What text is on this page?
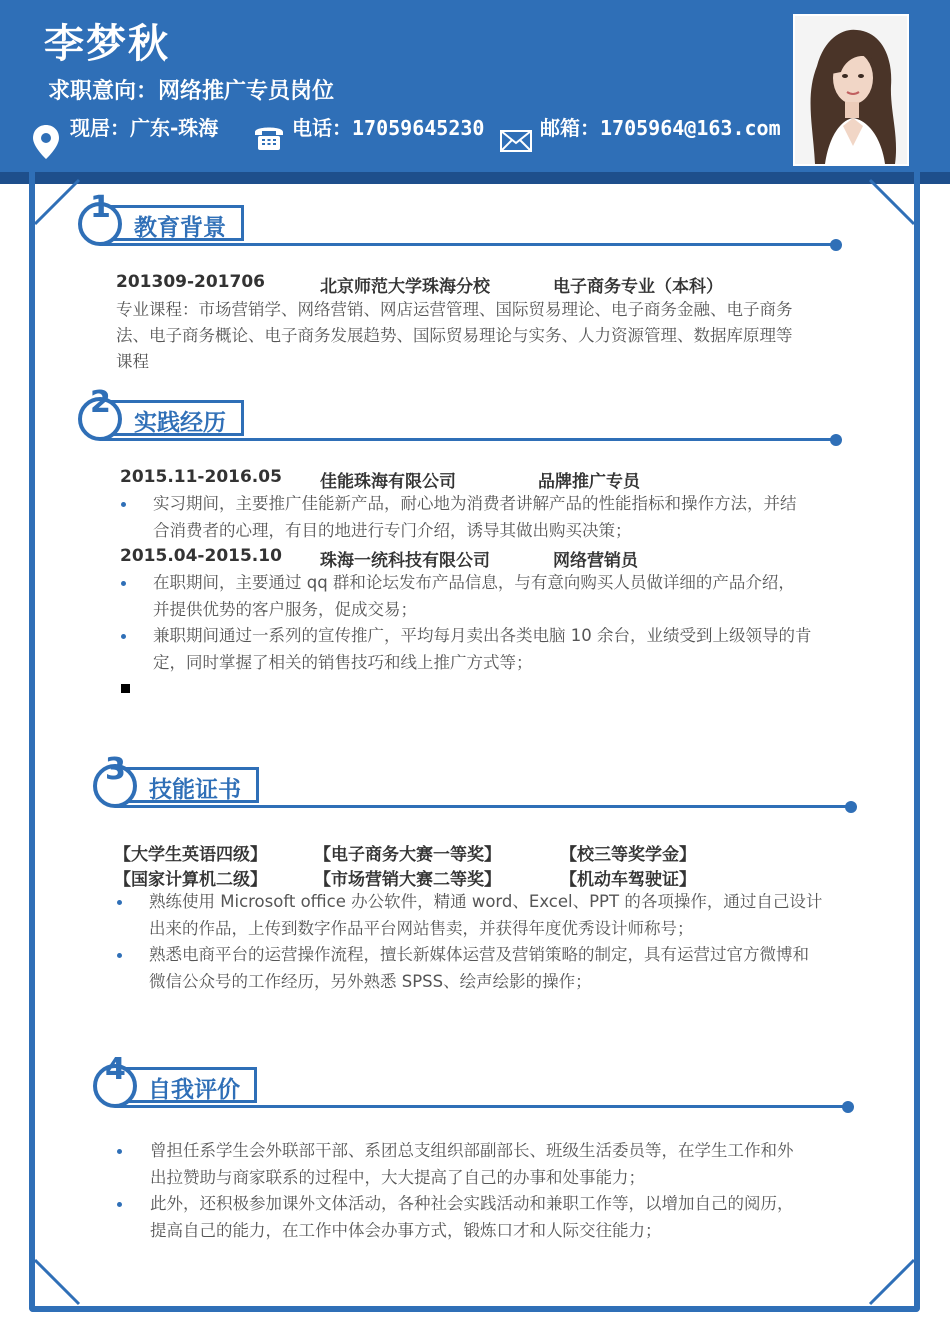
李梦秋
求职意向：网络推广专员岗位
现居：广东-珠海	电话：17059645230	邮箱：1705964@163.com
1
教育背景
201309-201706	北京师范大学珠海分校	电子商务专业（本科）
专业课程：市场营销学、网络营销、网店运营管理、国际贸易理论、电子商务金融、电子商务
法、电子商务概论、电子商务发展趋势、国际贸易理论与实务、人力资源管理、数据库原理等
课程
2
实践经历
2015.11-2016.05 佳能珠海有限公司	品牌推广专员
实习期间，主要推广佳能新产品，耐心地为消费者讲解产品的性能指标和操作方法，并结
合消费者的心理，有目的地进行专门介绍，诱导其做出购买决策；
2015.04-2015.10 珠海一统科技有限公司	网络营销员
在职期间，主要通过 qq 群和论坛发布产品信息，与有意向购买人员做详细的产品介绍，
并提供优势的客户服务，促成交易；
兼职期间通过一系列的宣传推广，平均每月卖出各类电脑 10 余台，业绩受到上级领导的肯
定，同时掌握了相关的销售技巧和线上推广方式等；
3
技能证书
【大学生英语四级】	【电子商务大赛一等奖】	【校三等奖学金】
【国家计算机二级】	【市场营销大赛二等奖】	【机动车驾驶证】
熟练使用 Microsoft office 办公软件，精通 word、Excel、PPT 的各项操作，通过自己设计
出来的作品，上传到数字作品平台网站售卖，并获得年度优秀设计师称号；
熟悉电商平台的运营操作流程，擅长新媒体运营及营销策略的制定，具有运营过官方微博和
微信公众号的工作经历，另外熟悉 SPSS、绘声绘影的操作；
4
自我评价
曾担任系学生会外联部干部、系团总支组织部副部长、班级生活委员等，在学生工作和外
出拉赞助与商家联系的过程中，大大提高了自己的办事和处事能力；
此外，还积极参加课外文体活动，各种社会实践活动和兼职工作等，以增加自己的阅历，
提高自己的能力，在工作中体会办事方式，锻炼口才和人际交往能力；
